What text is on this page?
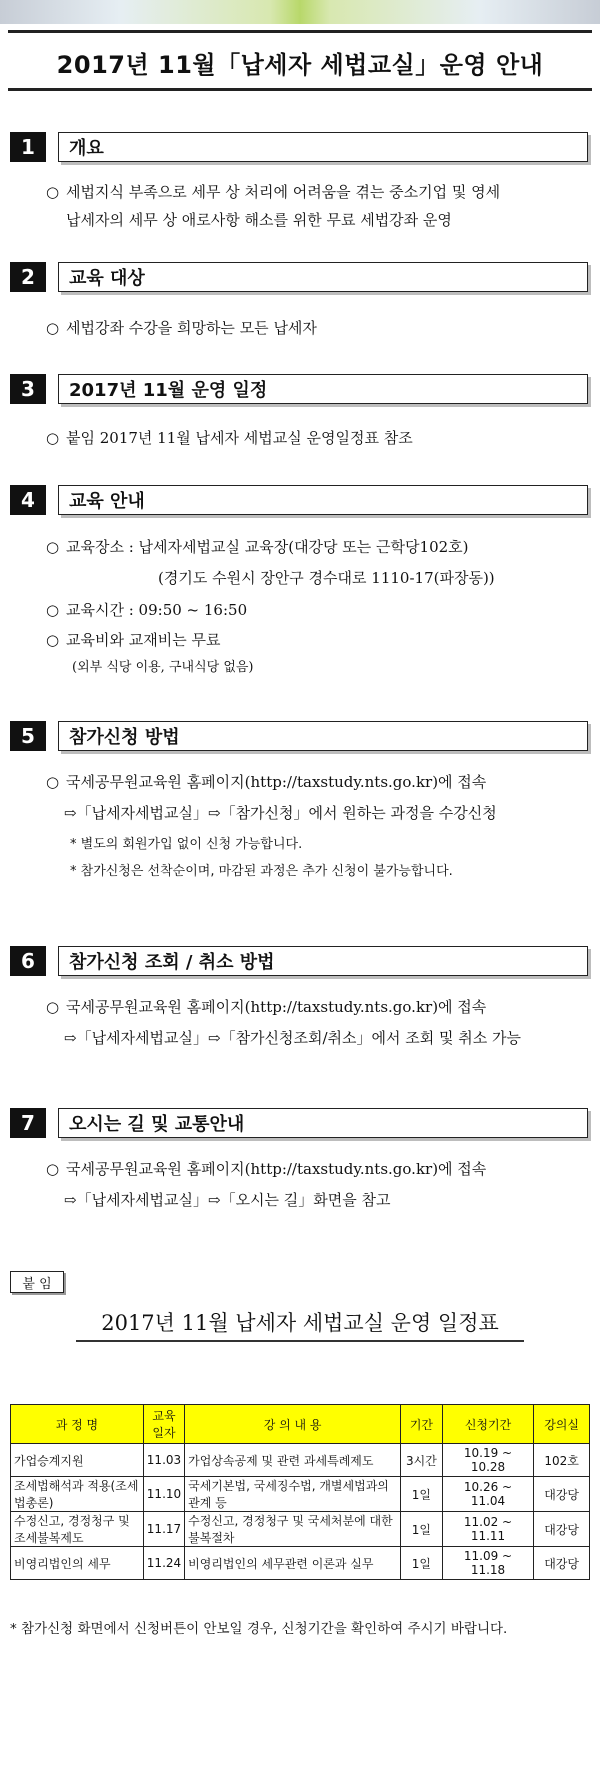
2017년 11월「납세자 세법교실」운영 안내
1	개요
○ 세법지식 부족으로 세무 상 처리에 어려움을 겪는 중소기업 및 영세
납세자의 세무 상 애로사항 해소를 위한 무료 세법강좌 운영
2	교육 대상
○ 세법강좌 수강을 희망하는 모든 납세자
3	2017년 11월 운영 일정
○ 붙임 2017년 11월 납세자 세법교실 운영일정표 참조
4	교육 안내
○ 교육장소 : 납세자세법교실 교육장(대강당 또는 근학당102호)
(경기도 수원시 장안구 경수대로 1110-17(파장동))
○ 교육시간 : 09:50 ~ 16:50
○ 교육비와 교재비는 무료
(외부 식당 이용, 구내식당 없음)
5	참가신청 방법
○ 국세공무원교육원 홈페이지(http://taxstudy.nts.go.kr)에 접속
⇨「납세자세법교실」⇨「참가신청」에서 원하는 과정을 수강신청
* 별도의 회원가입 없이 신청 가능합니다.
* 참가신청은 선착순이며, 마감된 과정은 추가 신청이 불가능합니다.
6	참가신청 조회 / 취소 방법
○ 국세공무원교육원 홈페이지(http://taxstudy.nts.go.kr)에 접속
⇨「납세자세법교실」⇨「참가신청조회/취소」에서 조회 및 취소 가능
7	오시는 길 및 교통안내
○ 국세공무원교육원 홈페이지(http://taxstudy.nts.go.kr)에 접속
⇨「납세자세법교실」⇨「오시는 길」화면을 참고
붙 임
2017년 11월 납세자 세법교실 운영 일정표
과 정 명	교육일자	강 의 내 용	기간	신청기간	강의실
가업승계지원	11.03	가업상속공제 및 관련 과세특례제도	3시간	10.19 ~ 10.28	102호
조세법해석과 적용(조세법총론)	11.10	국세기본법, 국세징수법, 개별세법과의 관계 등	1일	10.26 ~ 11.04	대강당
수정신고, 경정청구 및 조세불복제도	11.17	수정신고, 경정청구 및 국세처분에 대한 불복절차	1일	11.02 ~ 11.11	대강당
비영리법인의 세무	11.24	비영리법인의 세무관련 이론과 실무	1일	11.09 ~ 11.18	대강당
* 참가신청 화면에서 신청버튼이 안보일 경우, 신청기간을 확인하여 주시기 바랍니다.
